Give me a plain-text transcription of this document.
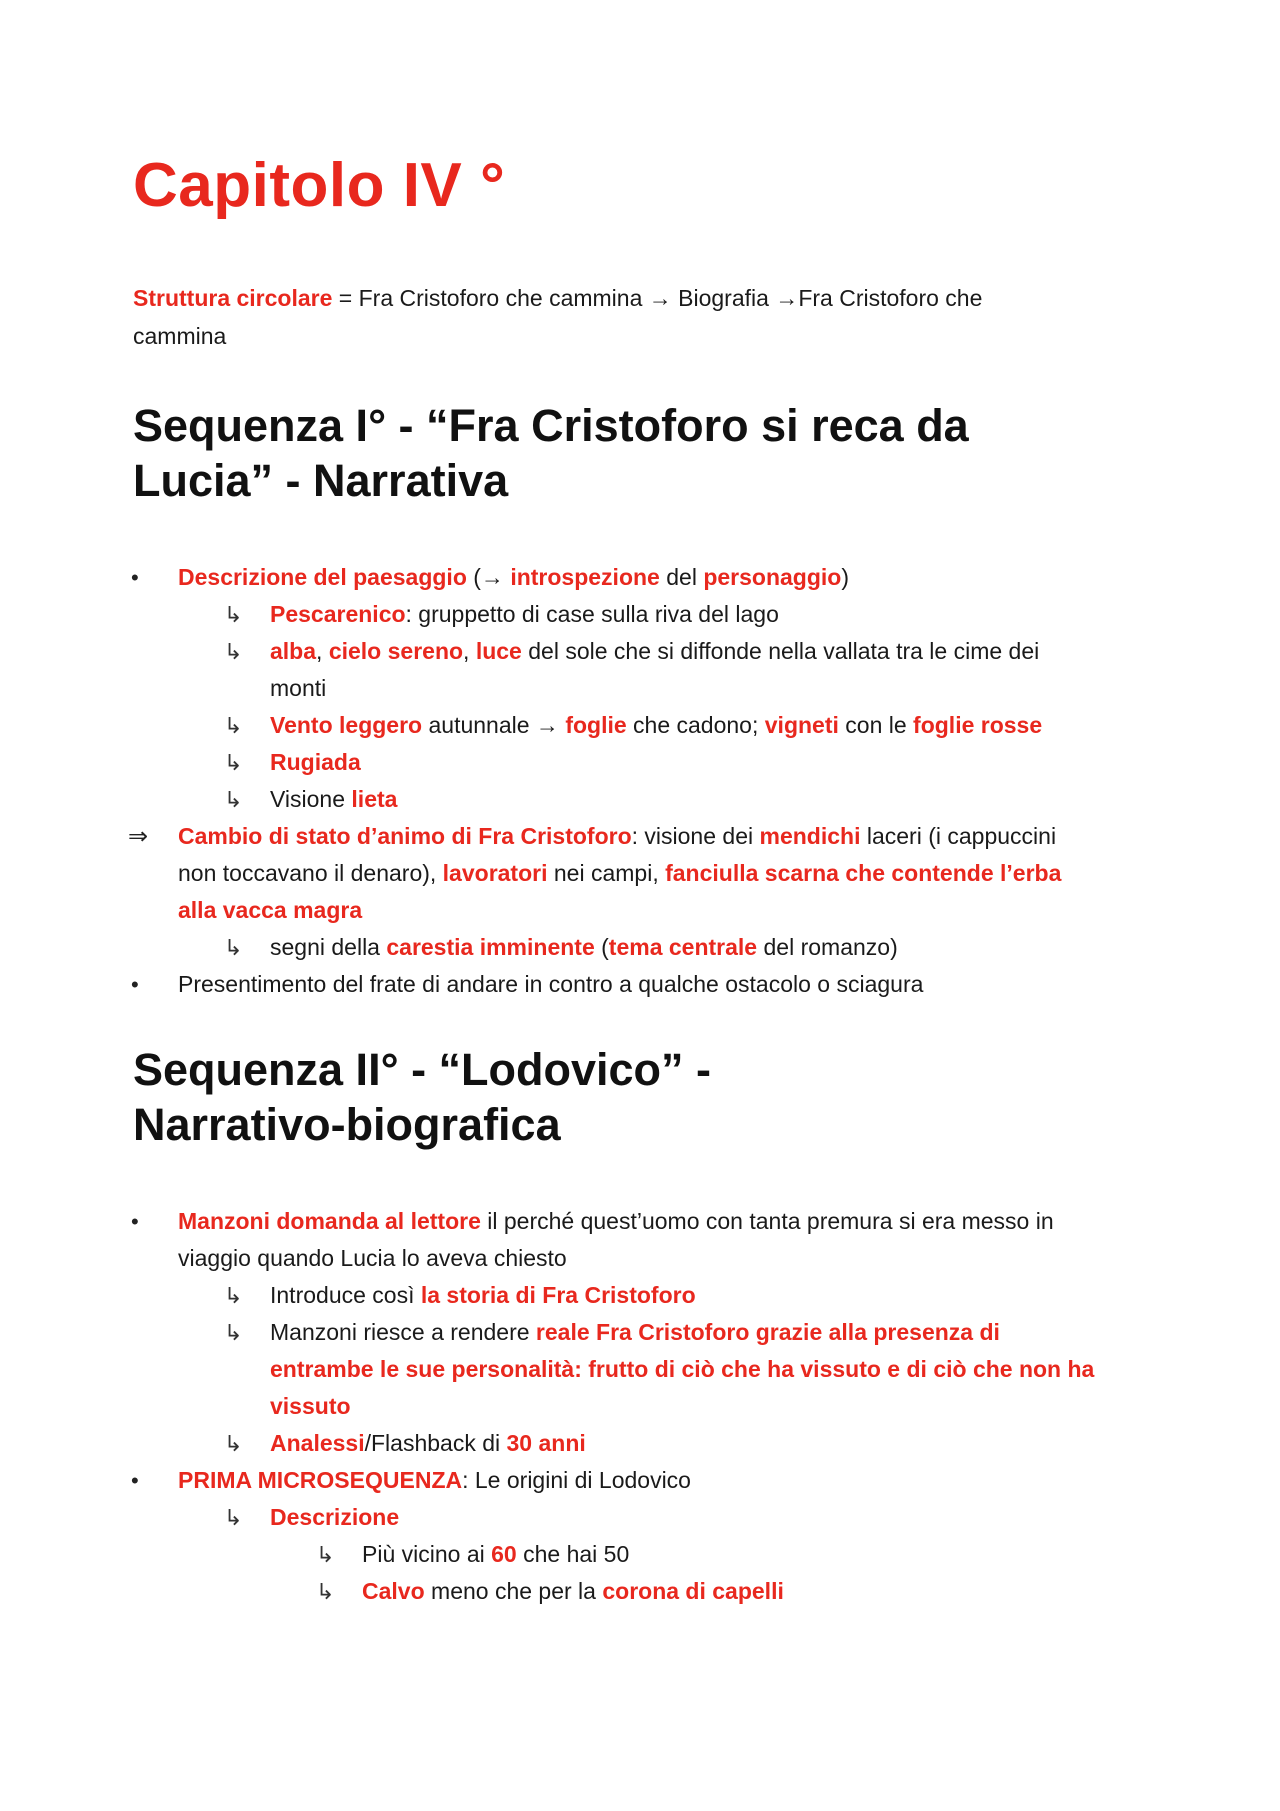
Capitolo IV °
Struttura circolare = Fra Cristoforo che cammina → Biografia →Fra Cristoforo che
cammina
Sequenza I° - “Fra Cristoforo si reca da
Lucia” - Narrativa
• Descrizione del paesaggio (→ introspezione del personaggio)
↳ Pescarenico: gruppetto di case sulla riva del lago
↳ alba, cielo sereno, luce del sole che si diffonde nella vallata tra le cime dei
monti
↳ Vento leggero autunnale → foglie che cadono; vigneti con le foglie rosse
↳ Rugiada
↳ Visione lieta
⇒ Cambio di stato d’animo di Fra Cristoforo: visione dei mendichi laceri (i cappuccini
non toccavano il denaro), lavoratori nei campi, fanciulla scarna che contende l’erba
alla vacca magra
↳ segni della carestia imminente (tema centrale del romanzo)
• Presentimento del frate di andare in contro a qualche ostacolo o sciagura
Sequenza II° - “Lodovico” -
Narrativo-biografica
• Manzoni domanda al lettore il perché quest’uomo con tanta premura si era messo in
viaggio quando Lucia lo aveva chiesto
↳ Introduce così la storia di Fra Cristoforo
↳ Manzoni riesce a rendere reale Fra Cristoforo grazie alla presenza di
entrambe le sue personalità: frutto di ciò che ha vissuto e di ciò che non ha
vissuto
↳ Analessi/Flashback di 30 anni
• PRIMA MICROSEQUENZA: Le origini di Lodovico
↳ Descrizione
↳ Più vicino ai 60 che hai 50
↳ Calvo meno che per la corona di capelli
